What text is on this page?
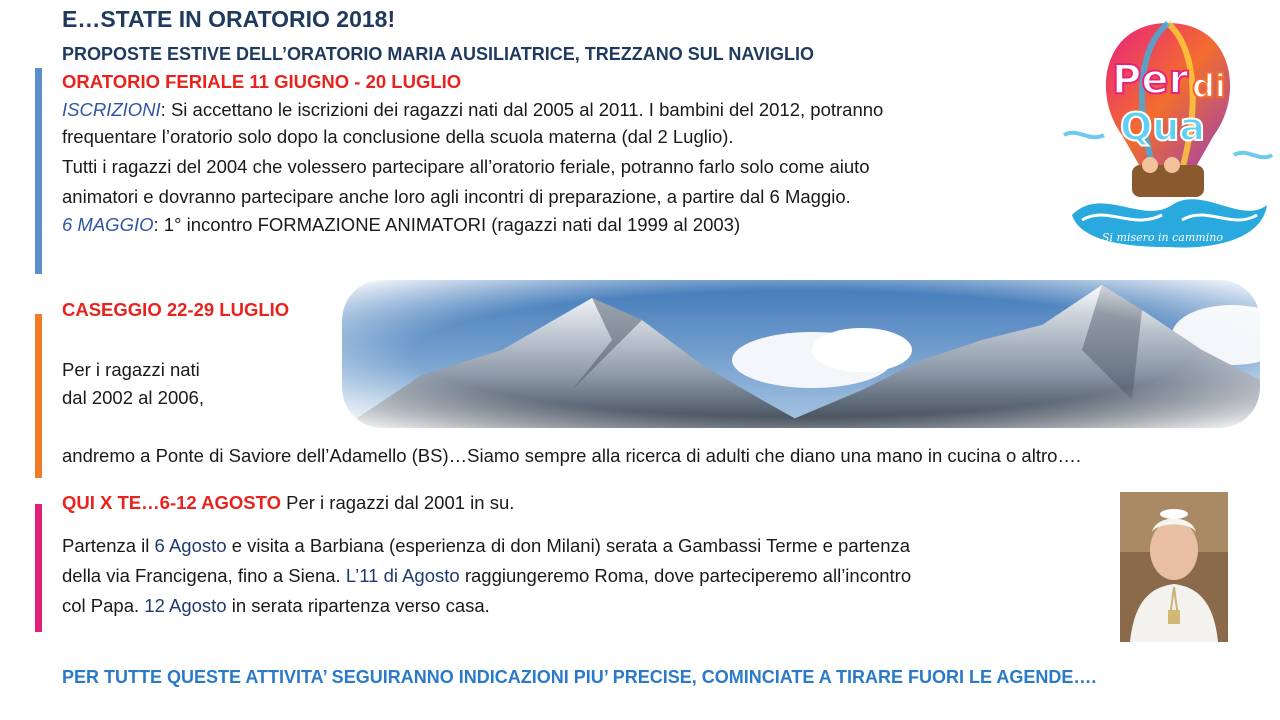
E…STATE IN ORATORIO 2018!
PROPOSTE ESTIVE DELL’ORATORIO MARIA AUSILIATRICE, TREZZANO SUL NAVIGLIO
ORATORIO FERIALE 11 GIUGNO - 20 LUGLIO
ISCRIZIONI: Si accettano le iscrizioni dei ragazzi nati dal 2005 al 2011. I bambini del 2012, potranno
frequentare l’oratorio solo dopo la conclusione della scuola materna (dal 2 Luglio).
Tutti i ragazzi del 2004 che volessero partecipare all’oratorio feriale, potranno farlo solo come aiuto
animatori e dovranno partecipare anche loro agli incontri di preparazione, a partire dal 6 Maggio.
6 MAGGIO: 1° incontro FORMAZIONE ANIMATORI (ragazzi nati dal 1999 al 2003)
CASEGGIO 22-29 LUGLIO
Per i ragazzi nati
dal 2002 al 2006,
andremo a Ponte di Saviore dell’Adamello (BS)…Siamo sempre alla ricerca di adulti che diano una mano in cucina o altro….
QUI X TE…6-12 AGOSTO Per i ragazzi dal 2001 in su.
Partenza il 6 Agosto e visita a Barbiana (esperienza di don Milani) serata a Gambassi Terme e partenza
della via Francigena, fino a Siena. L’11 di Agosto raggiungeremo Roma, dove parteciperemo all’incontro
col Papa. 12 Agosto in serata ripartenza verso casa.
Per di
Qua
Si misero in cammino
PER TUTTE QUESTE ATTIVITA’ SEGUIRANNO INDICAZIONI PIU’ PRECISE, COMINCIATE A TIRARE FUORI LE AGENDE….
